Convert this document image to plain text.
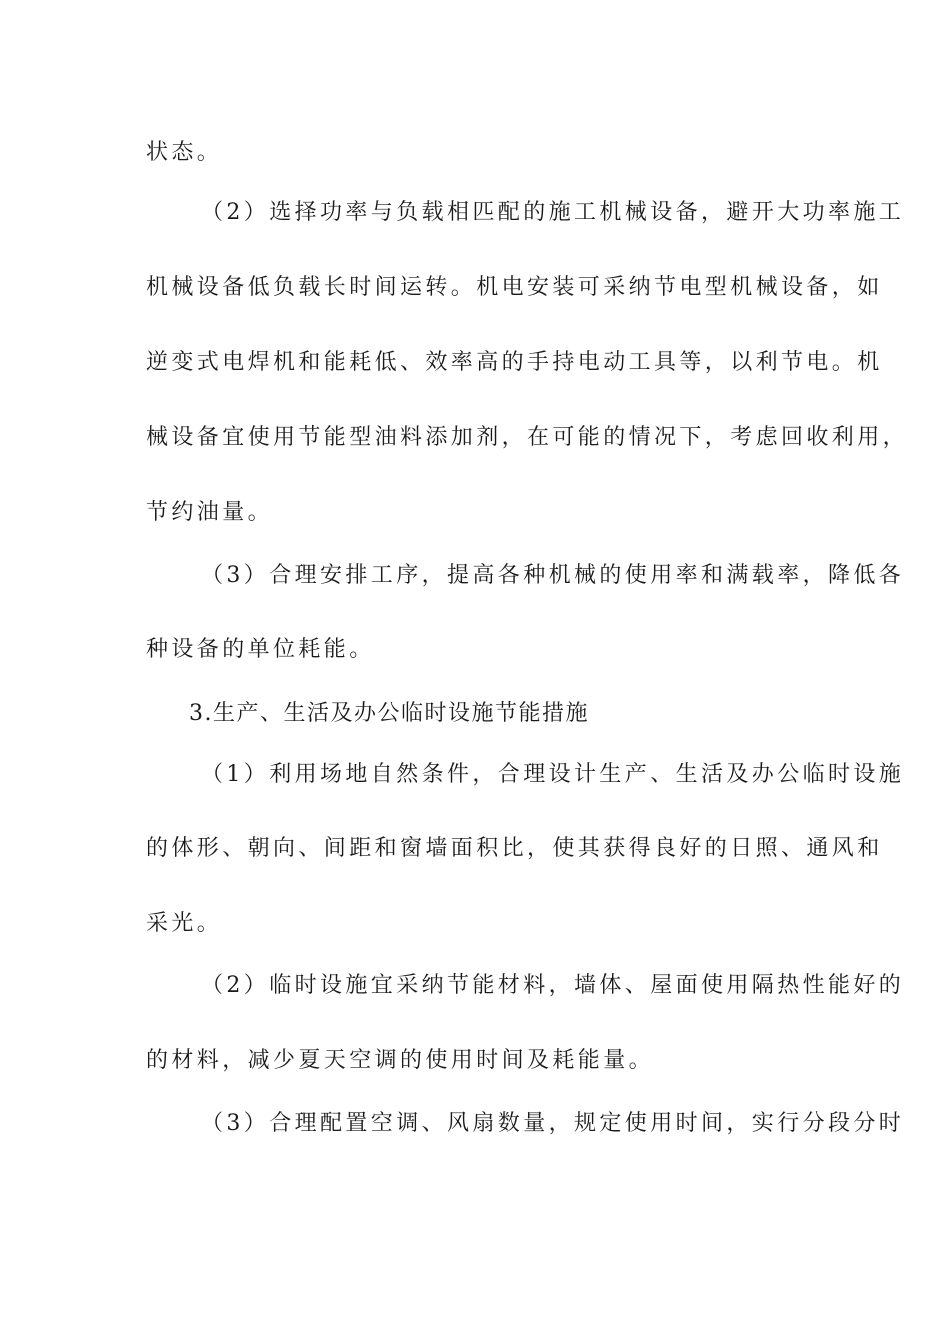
状态。
（2）选择功率与负载相匹配的施工机械设备，避开大功率施工
机械设备低负载长时间运转。机电安装可采纳节电型机械设备，如
逆变式电焊机和能耗低、效率高的手持电动工具等，以利节电。机
械设备宜使用节能型油料添加剂，在可能的情况下，考虑回收利用，
节约油量。
（3）合理安排工序，提高各种机械的使用率和满载率，降低各
种设备的单位耗能。
3.生产、生活及办公临时设施节能措施
（1）利用场地自然条件，合理设计生产、生活及办公临时设施
的体形、朝向、间距和窗墙面积比，使其获得良好的日照、通风和
采光。
（2）临时设施宜采纳节能材料，墙体、屋面使用隔热性能好的
的材料，减少夏天空调的使用时间及耗能量。
（3）合理配置空调、风扇数量，规定使用时间，实行分段分时
